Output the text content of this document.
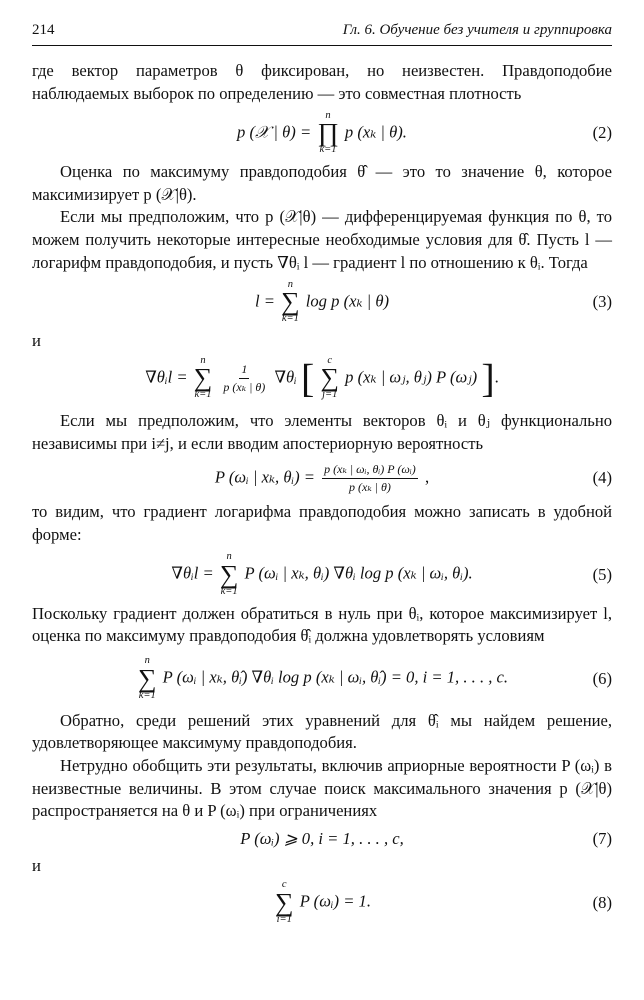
214	Гл. 6. Обучение без учителя и группировка

где вектор параметров θ фиксирован, но неизвестен. Правдоподобие наблюдаемых выборок по определению — это совместная плотность

p (𝒳 | θ) =
n
∏
k=1
p (xₖ | θ).	(2)

Оценка по максимуму правдоподобия θ̂ — это то значение θ, которое максимизирует p (𝒳|θ).

Если мы предположим, что p (𝒳|θ) — дифференцируемая функция по θ, то можем получить некоторые интересные необходимые условия для θ̂. Пусть l — логарифм правдоподобия, и пусть ∇θᵢ l — градиент l по отношению к θᵢ. Тогда

l =
n
∑
k=1
log p (xₖ | θ)	(3)
и
∇θᵢl =
n
∑
k=1
$\frac{1}{\text{p (xₖ | θ)}}$ ∇θᵢ [ c
∑
j=1
p (xₖ | ωⱼ, θⱼ) P (ωⱼ) ].

Если мы предположим, что элементы векторов θᵢ и θⱼ функционально независимы при i≠j, и если вводим апостериорную вероятность

P (ωᵢ | xₖ, θᵢ) = $\frac{\text{p (xₖ | ωᵢ, θᵢ) P (ωᵢ)}}{\text{p (xₖ | θ)}}$ ,	(4)

то видим, что градиент логарифма правдоподобия можно записать в удобной форме:

∇θᵢl =
n
∑
k=1
P (ωᵢ | xₖ, θᵢ) ∇θᵢ log p (xₖ | ωᵢ, θᵢ).	(5)

Поскольку градиент должен обратиться в нуль при θᵢ, которое максимизирует l, оценка по максимуму правдоподобия θ̂ᵢ должна удовлетворять условиям

n
∑
k=1
P (ωᵢ | xₖ, θ̂ᵢ) ∇θᵢ log p (xₖ | ωᵢ, θ̂ᵢ) = 0, i = 1, . . . , c.	(6)

Обратно, среди решений этих уравнений для θ̂ᵢ мы найдем решение, удовлетворяющее максимуму правдоподобия.

Нетрудно обобщить эти результаты, включив априорные вероятности P (ωᵢ) в неизвестные величины. В этом случае поиск максимального значения p (𝒳|θ) распространяется на θ и P (ωᵢ) при ограничениях

P (ωᵢ) ⩾ 0, i = 1, . . . , c,	(7)
и
c
∑
i=1
P (ωᵢ) = 1.	(8)
